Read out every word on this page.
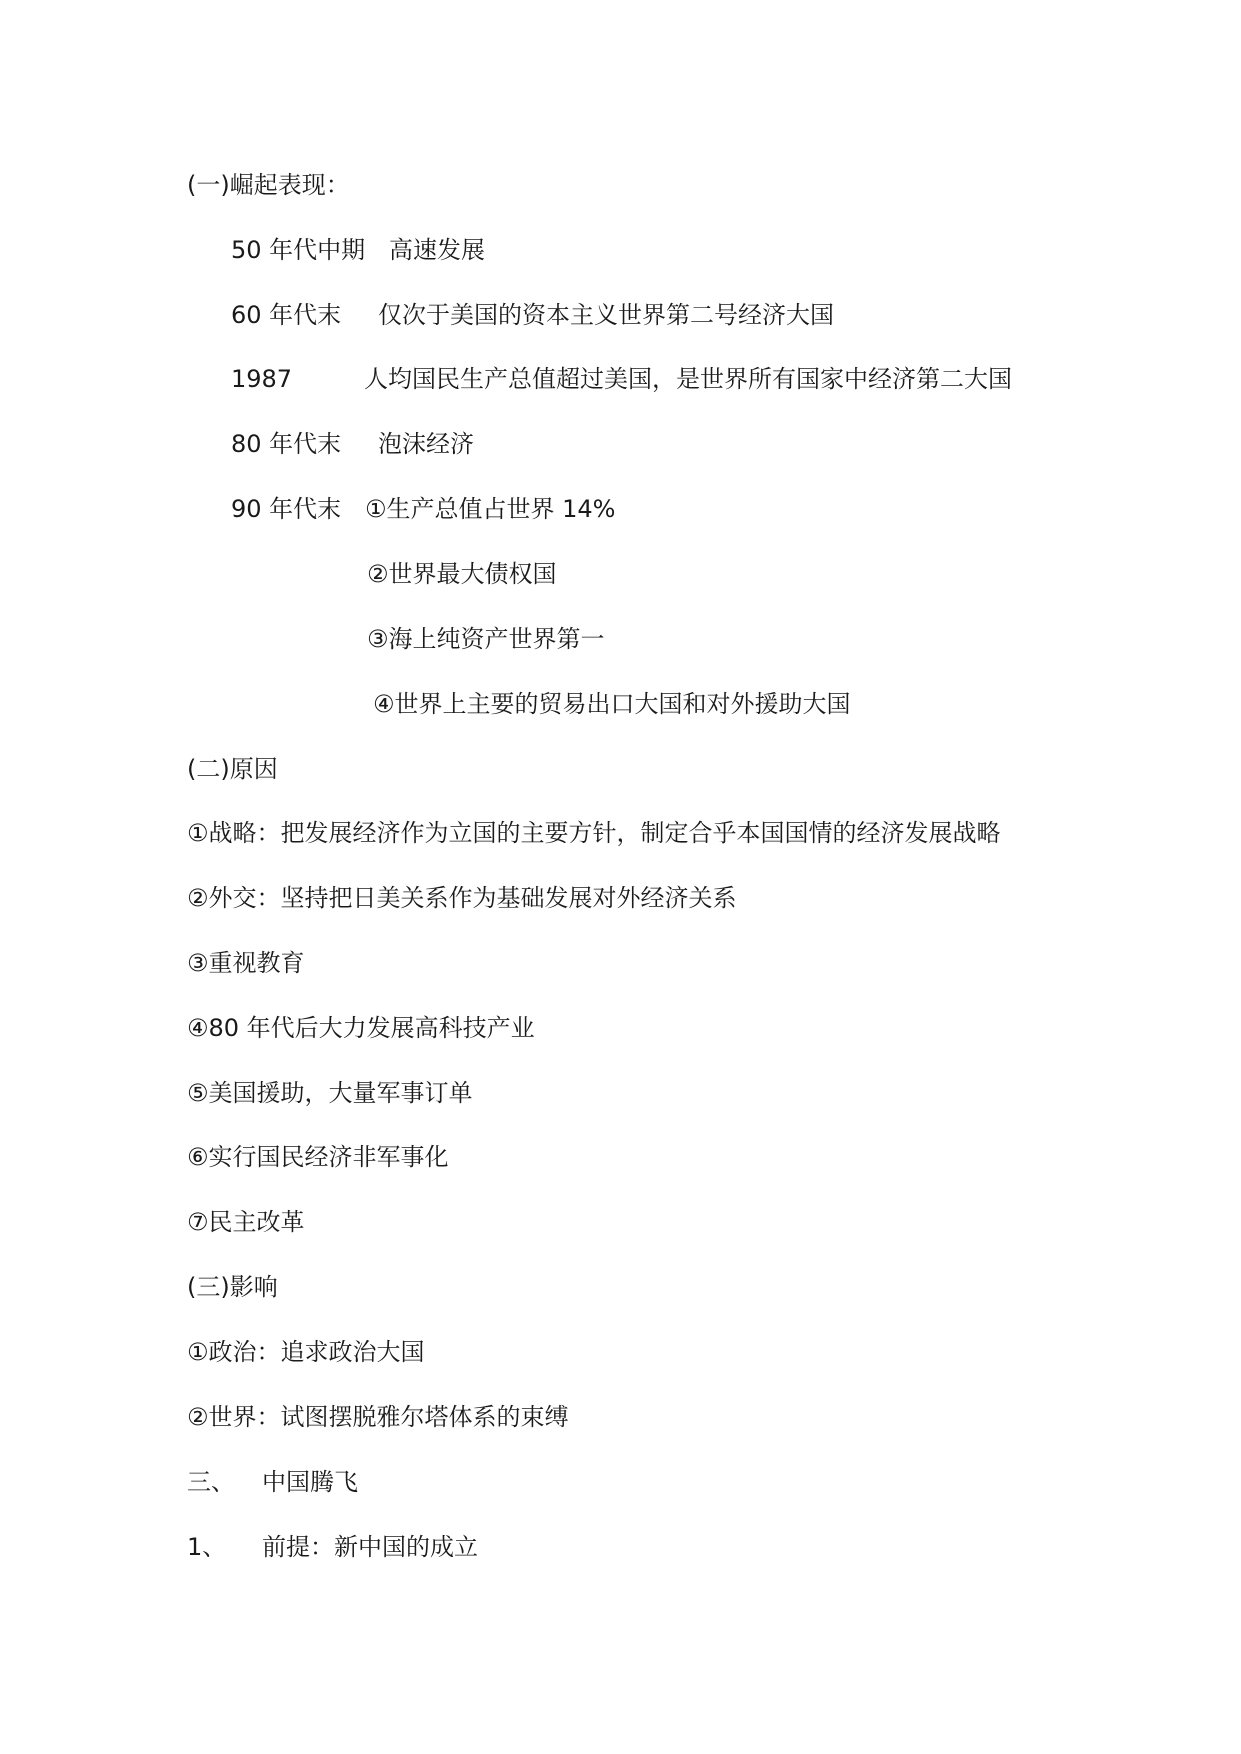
(一)崛起表现：
50 年代中期 高速发展
60 年代末 仅次于美国的资本主义世界第二号经济大国
1987	人均国民生产总值超过美国，是世界所有国家中经济第二大国
80 年代末 泡沫经济
90 年代末 ①生产总值占世界 14%
②世界最大债权国
③海上纯资产世界第一
④世界上主要的贸易出口大国和对外援助大国
(二)原因
①战略：把发展经济作为立国的主要方针，制定合乎本国国情的经济发展战略
②外交：坚持把日美关系作为基础发展对外经济关系
③重视教育
④80 年代后大力发展高科技产业
⑤美国援助，大量军事订单
⑥实行国民经济非军事化
⑦民主改革
(三)影响
①政治：追求政治大国
②世界：试图摆脱雅尔塔体系的束缚
三、 中国腾飞
1、 前提：新中国的成立
